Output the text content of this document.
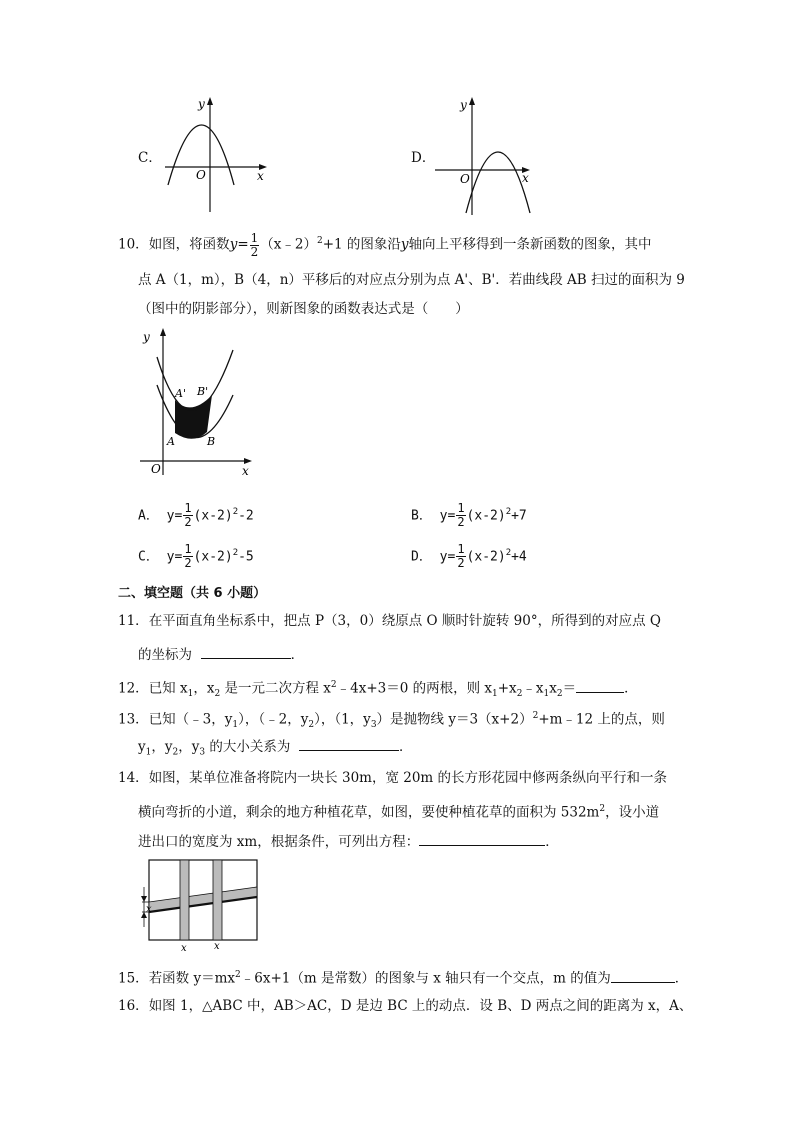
C．
y
x
O
D．
y
x
O
10．如图，将函数$y= \frac{1}{2}$ （x﹣2）$^2$+1 的图象沿y轴向上平移得到一条新函数的图象，其中
点 A（1，m），B（4，n）平移后的对应点分别为点 A'、B'．若曲线段 AB 扫过的面积为 9
（图中的阴影部分），则新图象的函数表达式是（　　）
y
x
O
A' B'
A	B
A． $y= \frac{1}{2} (x-2)^2-2$	B． $y= \frac{1}{2} (x-2)^2+7$
C． $y= \frac{1}{2} (x-2)^2-5$	D． $y= \frac{1}{2} (x-2)^2+4$
二、填空题（共 6 小题）
11．在平面直角坐标系中，把点 P（3，0）绕原点 O 顺时针旋转 90°，所得到的对应点 Q
的坐标为	．
12．已知 $x_1$，$x_2$ 是一元二次方程 $x^2﹣4x+3=0$ 的两根，则 $x_1+x_2﹣x_1x_2=$	．
13．已知（﹣3，$y_1$），（﹣2，$y_2$），（1，$y_3$）是抛物线 $y=3(x+2)^2+m﹣12$ 上的点，则
$y_1$，$y_2$，$y_3$ 的大小关系为	．
14．如图，某单位准备将院内一块长 30m，宽 20m 的长方形花园中修两条纵向平行和一条
横向弯折的小道，剩余的地方种植花草，如图，要使种植花草的面积为 $532m^2$，设小道
进出口的宽度为 xm，根据条件，可列出方程：	．
x
x	x
15．若函数 $y=mx^2﹣6x+1(m$ 是常数）的图象与 x 轴只有一个交点，m 的值为	．
16．如图 1，△ABC 中，AB＞AC，D 是边 BC 上的动点．设 B、D 两点之间的距离为 x，A、
